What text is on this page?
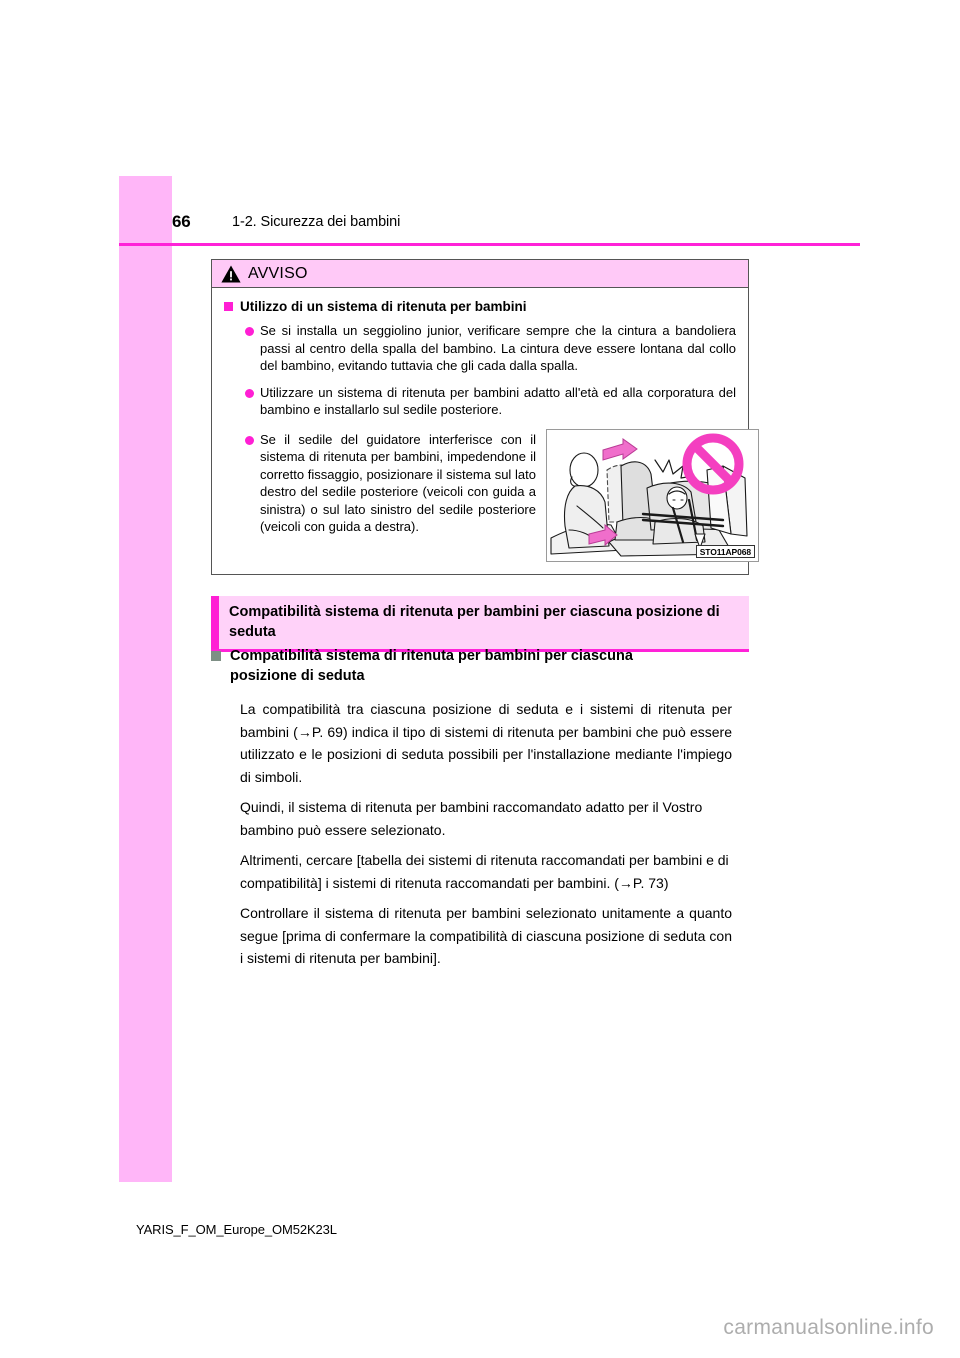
66	1-2. Sicurezza dei bambini
AVVISO
Utilizzo di un sistema di ritenuta per bambini
Se si installa un seggiolino junior, verificare sempre che la cintura a bandoliera passi al centro della spalla del bambino. La cintura deve essere lontana dal collo del bambino, evitando tuttavia che gli cada dalla spalla.
Utilizzare un sistema di ritenuta per bambini adatto all'età ed alla corporatura del bambino e installarlo sul sedile posteriore.
Se il sedile del guidatore interferisce con il sistema di ritenuta per bambini, impedendone il corretto fissaggio, posizionare il sistema sul lato destro del sedile posteriore (veicoli con guida a sinistra) o sul lato sinistro del sedile posteriore (veicoli con guida a destra).
STO11AP068
Compatibilità sistema di ritenuta per bambini per ciascuna posizione di seduta
Compatibilità sistema di ritenuta per bambini per ciascuna posizione di seduta

La compatibilità tra ciascuna posizione di seduta e i sistemi di ritenuta per bambini (→P. 69) indica il tipo di sistemi di ritenuta per bambini che può essere utilizzato e le posizioni di seduta possibili per l'installazione mediante l'impiego di simboli.

Quindi, il sistema di ritenuta per bambini raccomandato adatto per il Vostro bambino può essere selezionato.

Altrimenti, cercare [tabella dei sistemi di ritenuta raccomandati per bambini e di compatibilità] i sistemi di ritenuta raccomandati per bambini. (→P. 73)

Controllare il sistema di ritenuta per bambini selezionato unitamente a quanto segue [prima di confermare la compatibilità di ciascuna posizione di seduta con i sistemi di ritenuta per bambini].

YARIS_F_OM_Europe_OM52K23L
carmanualsonline.info
